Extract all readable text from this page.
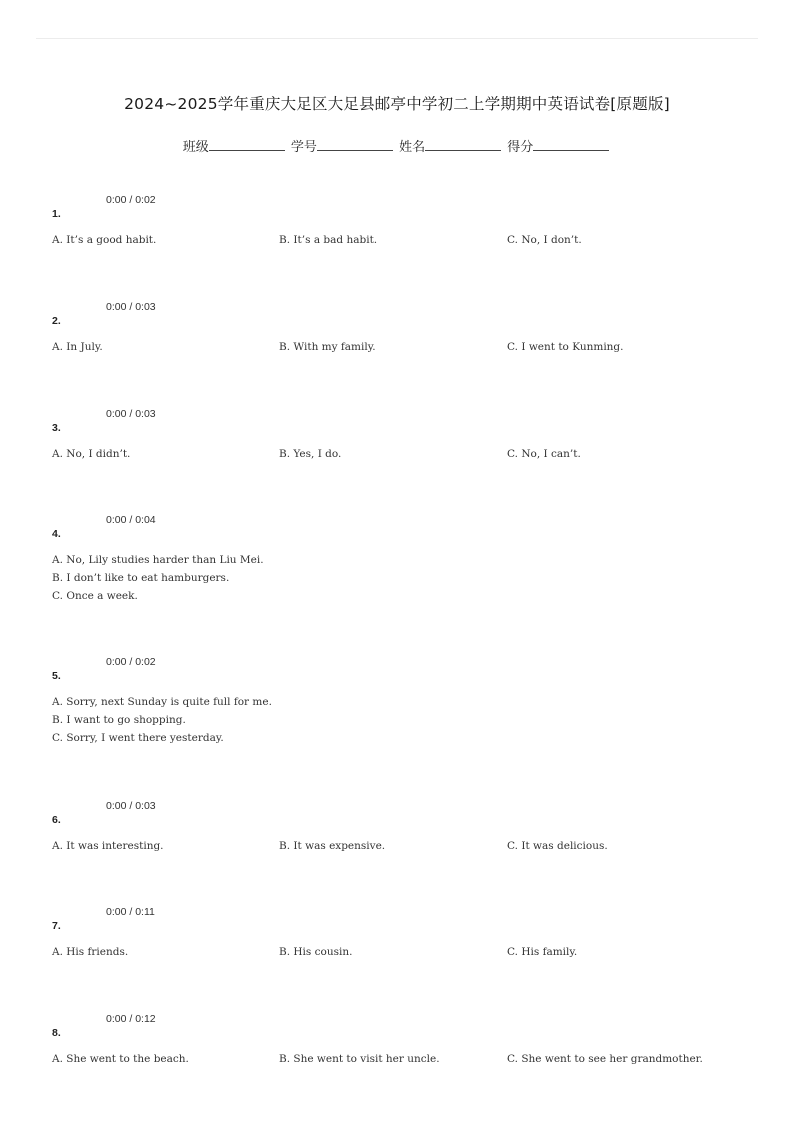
2024~2025学年重庆大足区大足县邮亭中学初二上学期期中英语试卷[原题版]
班级	学号	姓名	得分
0:00 / 0:02
1.
A. It’s a good habit.	B. It’s a bad habit.	C. No, I don’t.
0:00 / 0:03
2.
A. In July.	B. With my family.	C. I went to Kunming.
0:00 / 0:03
3.
A. No, I didn’t.	B. Yes, I do.	C. No, I can’t.
0:00 / 0:04
4.
A. No, Lily studies harder than Liu Mei.
B. I don’t like to eat hamburgers.
C. Once a week.
0:00 / 0:02
5.
A. Sorry, next Sunday is quite full for me.
B. I want to go shopping.
C. Sorry, I went there yesterday.
0:00 / 0:03
6.
A. It was interesting.	B. It was expensive.	C. It was delicious.
0:00 / 0:11
7.
A. His friends.	B. His cousin.	C. His family.
0:00 / 0:12
8.
A. She went to the beach.	B. She went to visit her uncle.	C. She went to see her grandmother.
